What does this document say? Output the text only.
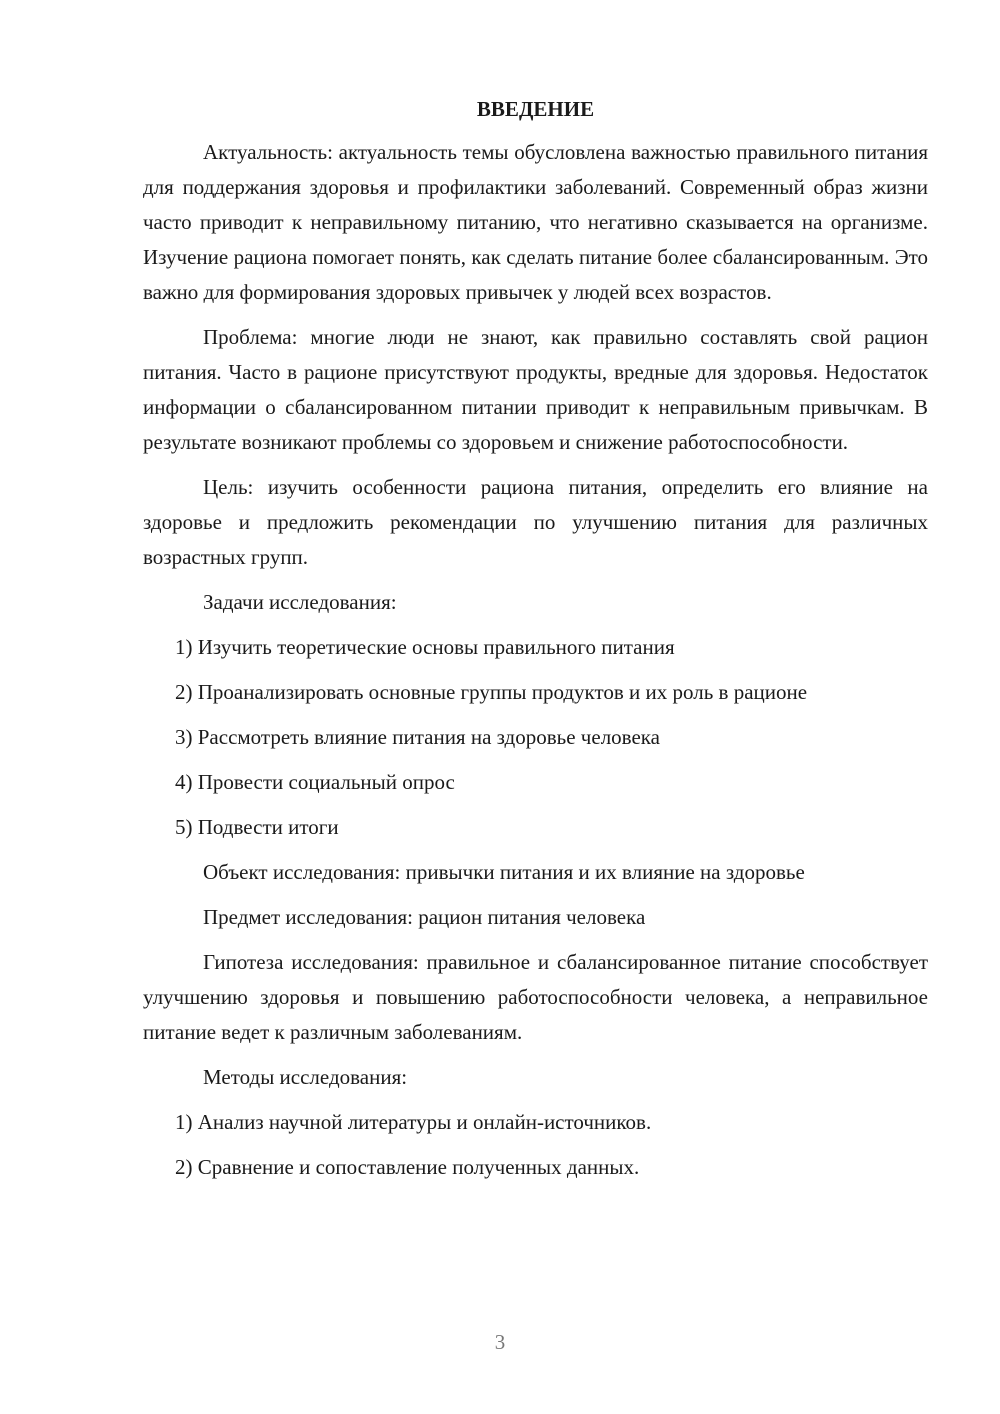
ВВЕДЕНИЕ

Актуальность: актуальность темы обусловлена важностью правильного питания для поддержания здоровья и профилактики заболеваний. Современный образ жизни часто приводит к неправильному питанию, что негативно сказывается на организме. Изучение рациона помогает понять, как сделать питание более сбалансированным. Это важно для формирования здоровых привычек у людей всех возрастов.

Проблема: многие люди не знают, как правильно составлять свой рацион питания. Часто в рационе присутствуют продукты, вредные для здоровья. Недостаток информации о сбалансированном питании приводит к неправильным привычкам. В результате возникают проблемы со здоровьем и снижение работоспособности.

Цель: изучить особенности рациона питания, определить его влияние на здоровье и предложить рекомендации по улучшению питания для различных возрастных групп.

Задачи исследования:

1) Изучить теоретические основы правильного питания

2) Проанализировать основные группы продуктов и их роль в рационе

3) Рассмотреть влияние питания на здоровье человека

4) Провести социальный опрос

5) Подвести итоги

Объект исследования: привычки питания и их влияние на здоровье

Предмет исследования: рацион питания человека

Гипотеза исследования: правильное и сбалансированное питание способствует улучшению здоровья и повышению работоспособности человека, а неправильное питание ведет к различным заболеваниям.

Методы исследования:

1) Анализ научной литературы и онлайн-источников.

2) Сравнение и сопоставление полученных данных.

3
